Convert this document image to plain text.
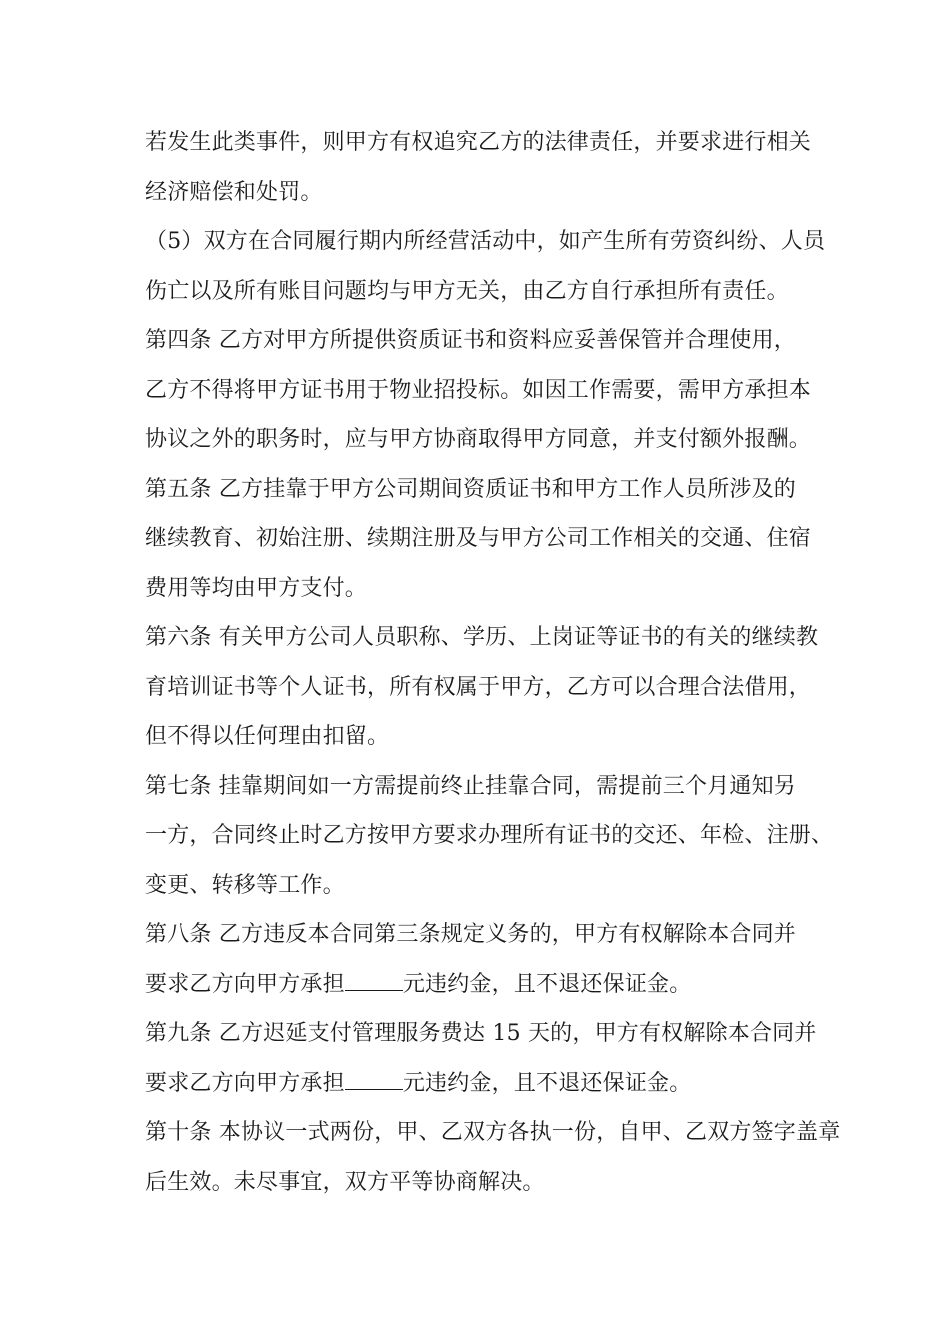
若发生此类事件，则甲方有权追究乙方的法律责任，并要求进行相关
经济赔偿和处罚。

（5）双方在合同履行期内所经营活动中，如产生所有劳资纠纷、人员
伤亡以及所有账目问题均与甲方无关，由乙方自行承担所有责任。

第四条 乙方对甲方所提供资质证书和资料应妥善保管并合理使用，
乙方不得将甲方证书用于物业招投标。如因工作需要，需甲方承担本
协议之外的职务时，应与甲方协商取得甲方同意，并支付额外报酬。

第五条 乙方挂靠于甲方公司期间资质证书和甲方工作人员所涉及的
继续教育、初始注册、续期注册及与甲方公司工作相关的交通、住宿
费用等均由甲方支付。

第六条 有关甲方公司人员职称、学历、上岗证等证书的有关的继续教
育培训证书等个人证书，所有权属于甲方，乙方可以合理合法借用，
但不得以任何理由扣留。

第七条 挂靠期间如一方需提前终止挂靠合同，需提前三个月通知另
一方，合同终止时乙方按甲方要求办理所有证书的交还、年检、注册、
变更、转移等工作。

第八条 乙方违反本合同第三条规定义务的，甲方有权解除本合同并
要求乙方向甲方承担	元违约金，且不退还保证金。

第九条 乙方迟延支付管理服务费达 15 天的，甲方有权解除本合同并
要求乙方向甲方承担	元违约金，且不退还保证金。

第十条 本协议一式两份，甲、乙双方各执一份，自甲、乙双方签字盖章
后生效。未尽事宜，双方平等协商解决。
